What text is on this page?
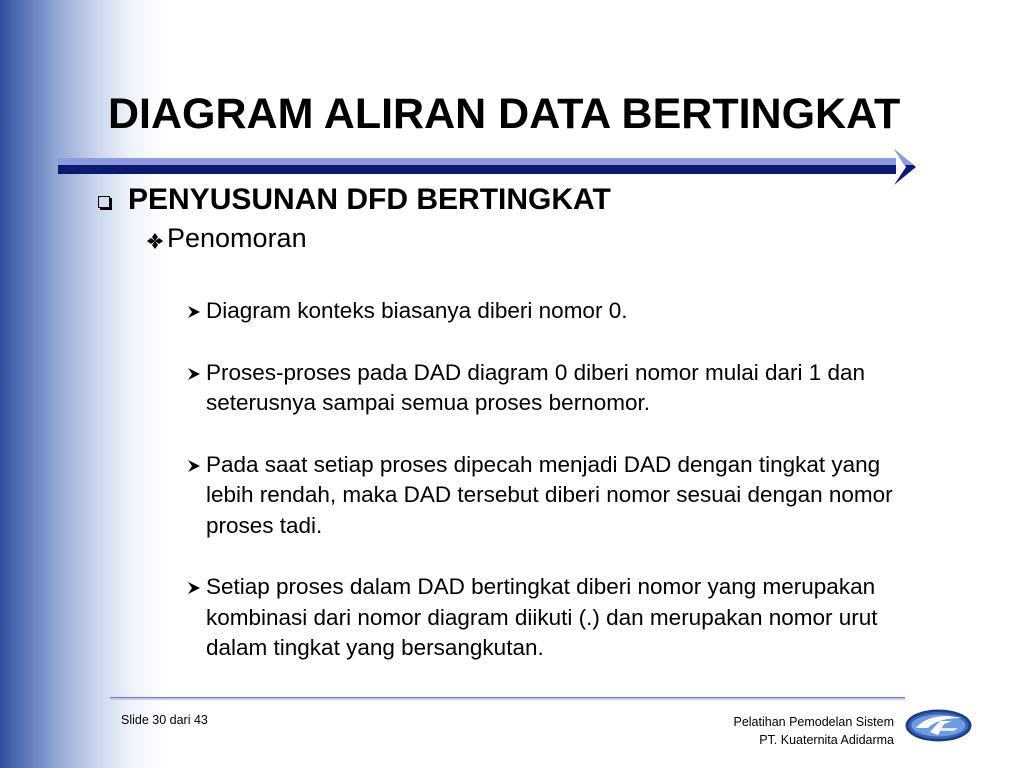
DIAGRAM ALIRAN DATA BERTINGKAT
PENYUSUNAN DFD BERTINGKAT
Penomoran
Diagram konteks biasanya diberi nomor 0.
Proses-proses pada DAD diagram 0 diberi nomor mulai dari 1 dan seterusnya sampai semua proses bernomor.
Pada saat setiap proses dipecah menjadi DAD dengan tingkat yang lebih rendah, maka DAD tersebut diberi nomor sesuai dengan nomor proses tadi.
Setiap proses dalam DAD bertingkat diberi nomor yang merupakan kombinasi dari nomor diagram diikuti (.) dan merupakan nomor urut dalam tingkat yang bersangkutan.
Slide 30 dari 43	Pelatihan Pemodelan Sistem
PT. Kuaternita Adidarma
